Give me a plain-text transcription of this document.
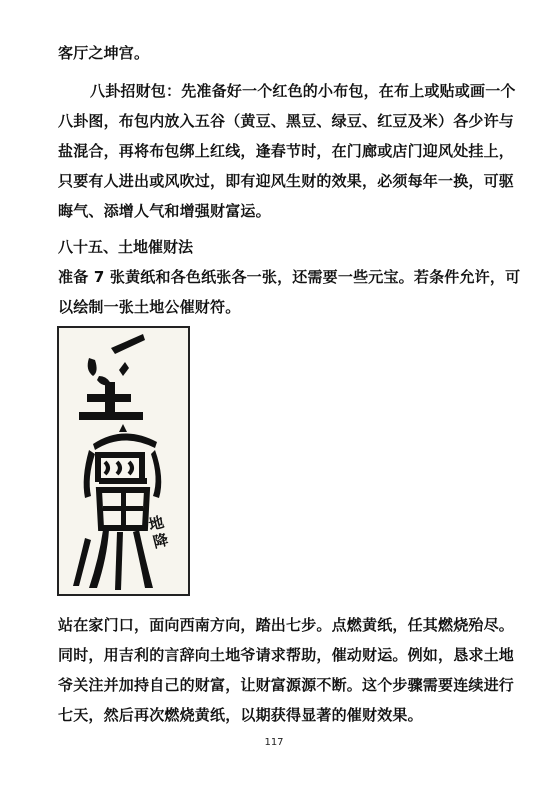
客厅之坤宫。
八卦招财包：先准备好一个红色的小布包，在布上或贴或画一个
八卦图，布包内放入五谷（黄豆、黑豆、绿豆、红豆及米）各少许与
盐混合，再将布包绑上红线，逢春节时，在门廊或店门迎风处挂上，
只要有人进出或风吹过，即有迎风生财的效果，必须每年一换，可驱
晦气、添增人气和增强财富运。
八十五、土地催财法
准备 7 张黄纸和各色纸张各一张，还需要一些元宝。若条件允许，可
以绘制一张土地公催财符。
地降
站在家门口，面向西南方向，踏出七步。点燃黄纸，任其燃烧殆尽。
同时，用吉利的言辞向土地爷请求帮助，催动财运。例如，恳求土地
爷关注并加持自己的财富，让财富源源不断。这个步骤需要连续进行
七天，然后再次燃烧黄纸，以期获得显著的催财效果。
117
